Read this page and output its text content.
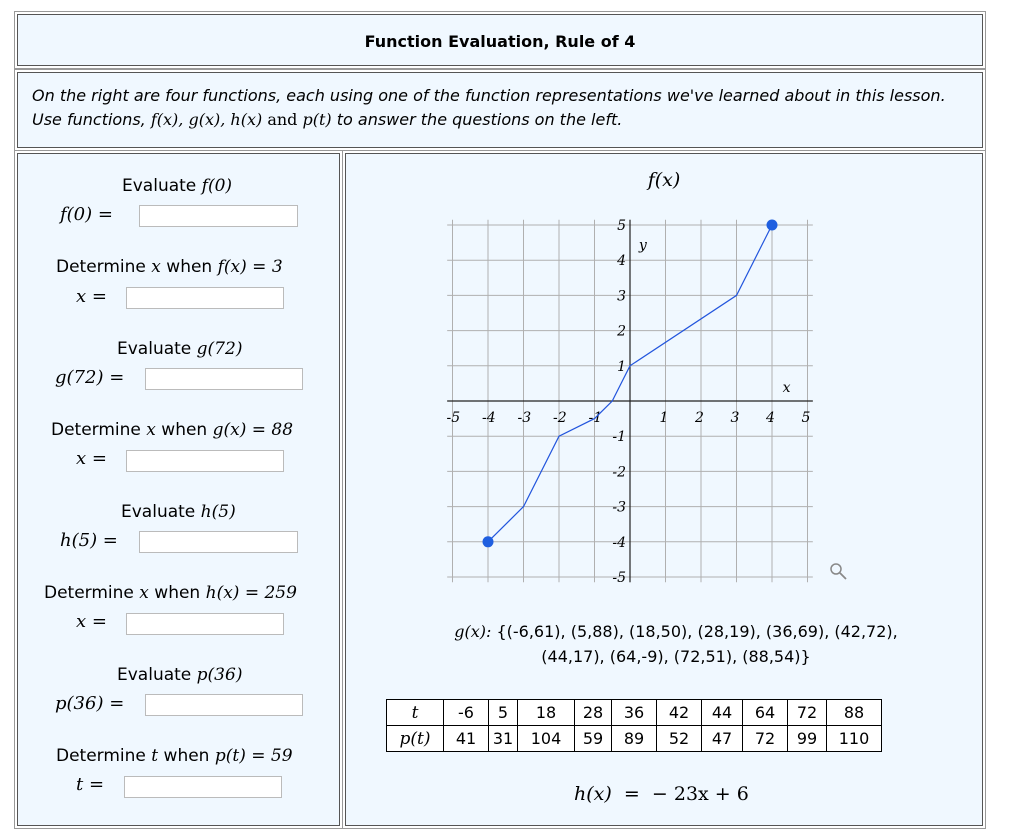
Function Evaluation, Rule of 4
On the right are four functions, each using one of the function representations we've learned about in this lesson.
Use functions, f(x), g(x), h(x) and p(t) to answer the questions on the left.
Evaluate f(0)
f(0) =
Determine x when f(x) = 3
x =
Evaluate g(72)
g(72) =
Determine x when g(x) = 88
x =
Evaluate h(5)
h(5) =
Determine x when h(x) = 259
x =
Evaluate p(36)
p(36) =
Determine t when p(t) = 59
t =
f(x)
-5 -4 -3 -2 -1	1 2 3 4 5
5
4
3
2
1
-1
-2
-3
-4
-5
x
y
g(x): {(-6,61), (5,88), (18,50), (28,19), (36,69), (42,72),
(44,17), (64,-9), (72,51), (88,54)}
t	-6	5	18	28	36	42	44	64	72	88
p(t)	41	31	104	59	89	52	47	72	99	110
h(x) = − 23x + 6
